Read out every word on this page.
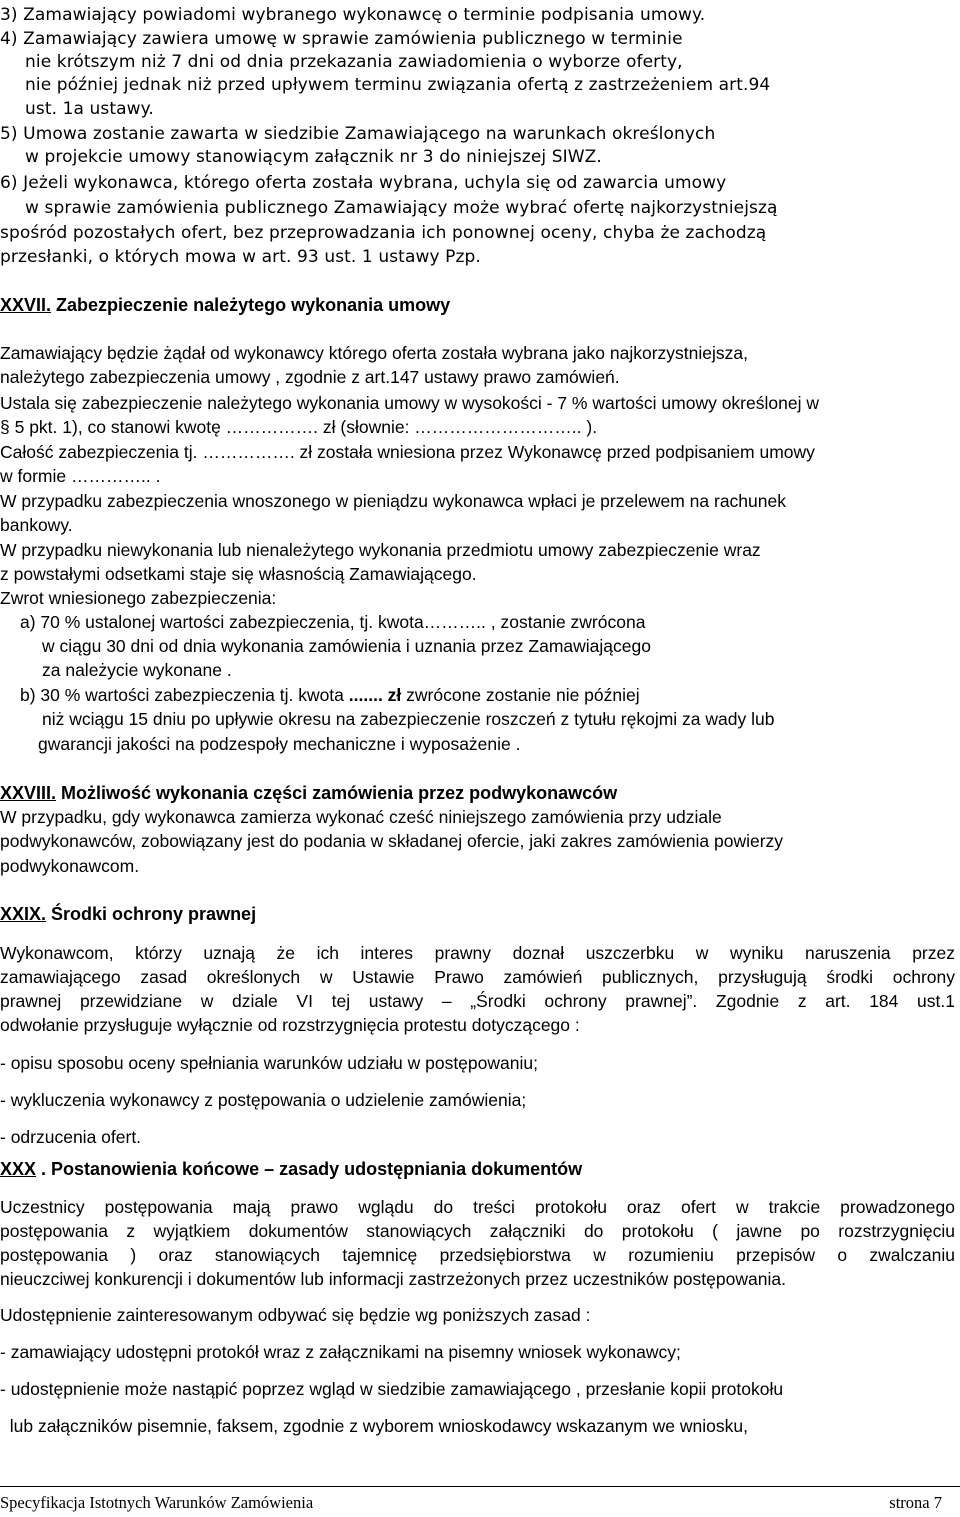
3) Zamawiający powiadomi wybranego wykonawcę o terminie podpisania umowy.
4) Zamawiający zawiera umowę w sprawie zamówienia publicznego w terminie
nie krótszym niż 7 dni od dnia przekazania zawiadomienia o wyborze oferty,
nie później jednak niż przed upływem terminu związania ofertą z zastrzeżeniem art.94
ust. 1a ustawy.
5) Umowa zostanie zawarta w siedzibie Zamawiającego na warunkach określonych
w projekcie umowy stanowiącym załącznik nr 3 do niniejszej SIWZ.
6) Jeżeli wykonawca, którego oferta została wybrana, uchyla się od zawarcia umowy
w sprawie zamówienia publicznego Zamawiający może wybrać ofertę najkorzystniejszą
spośród pozostałych ofert, bez przeprowadzania ich ponownej oceny, chyba że zachodzą
przesłanki, o których mowa w art. 93 ust. 1 ustawy Pzp.
XXVII. Zabezpieczenie należytego wykonania umowy
Zamawiający będzie żądał od wykonawcy którego oferta została wybrana jako najkorzystniejsza,
należytego zabezpieczenia umowy , zgodnie z art.147 ustawy prawo zamówień.
Ustala się zabezpieczenie należytego wykonania umowy w wysokości - 7 % wartości umowy określonej w
§ 5 pkt. 1), co stanowi kwotę ……………. zł (słownie: ……………………….. ).
Całość zabezpieczenia tj. ……………. zł została wniesiona przez Wykonawcę przed podpisaniem umowy
w formie ………….. .
W przypadku zabezpieczenia wnoszonego w pieniądzu wykonawca wpłaci je przelewem na rachunek
bankowy.
W przypadku niewykonania lub nienależytego wykonania przedmiotu umowy zabezpieczenie wraz
z powstałymi odsetkami staje się własnością Zamawiającego.
Zwrot wniesionego zabezpieczenia:
a) 70 % ustalonej wartości zabezpieczenia, tj. kwota……….. , zostanie zwrócona
w ciągu 30 dni od dnia wykonania zamówienia i uznania przez Zamawiającego
za należycie wykonane .
b) 30 % wartości zabezpieczenia tj. kwota ....... zł zwrócone zostanie nie później
niż wciągu 15 dniu po upływie okresu na zabezpieczenie roszczeń z tytułu rękojmi za wady lub
gwarancji jakości na podzespoły mechaniczne i wyposażenie .
XXVIII. Możliwość wykonania części zamówienia przez podwykonawców
W przypadku, gdy wykonawca zamierza wykonać cześć niniejszego zamówienia przy udziale
podwykonawców, zobowiązany jest do podania w składanej ofercie, jaki zakres zamówienia powierzy
podwykonawcom.
XXIX. Środki ochrony prawnej
Wykonawcom, którzy uznają że ich interes prawny doznał uszczerbku w wyniku naruszenia przez
zamawiającego zasad określonych w Ustawie Prawo zamówień publicznych, przysługują środki ochrony
prawnej przewidziane w dziale VI tej ustawy – „Środki ochrony prawnej”. Zgodnie z art. 184 ust.1
odwołanie przysługuje wyłącznie od rozstrzygnięcia protestu dotyczącego :
- opisu sposobu oceny spełniania warunków udziału w postępowaniu;
- wykluczenia wykonawcy z postępowania o udzielenie zamówienia;
- odrzucenia ofert.
XXX . Postanowienia końcowe – zasady udostępniania dokumentów
Uczestnicy postępowania mają prawo wglądu do treści protokołu oraz ofert w trakcie prowadzonego
postępowania z wyjątkiem dokumentów stanowiących załączniki do protokołu ( jawne po rozstrzygnięciu
postępowania ) oraz stanowiących tajemnicę przedsiębiorstwa w rozumieniu przepisów o zwalczaniu
nieuczciwej konkurencji i dokumentów lub informacji zastrzeżonych przez uczestników postępowania.
Udostępnienie zainteresowanym odbywać się będzie wg poniższych zasad :
- zamawiający udostępni protokół wraz z załącznikami na pisemny wniosek wykonawcy;
- udostępnienie może nastąpić poprzez wgląd w siedzibie zamawiającego , przesłanie kopii protokołu
lub załączników pisemnie, faksem, zgodnie z wyborem wnioskodawcy wskazanym we wniosku,
Specyfikacja Istotnych Warunków Zamówienia	strona 7
